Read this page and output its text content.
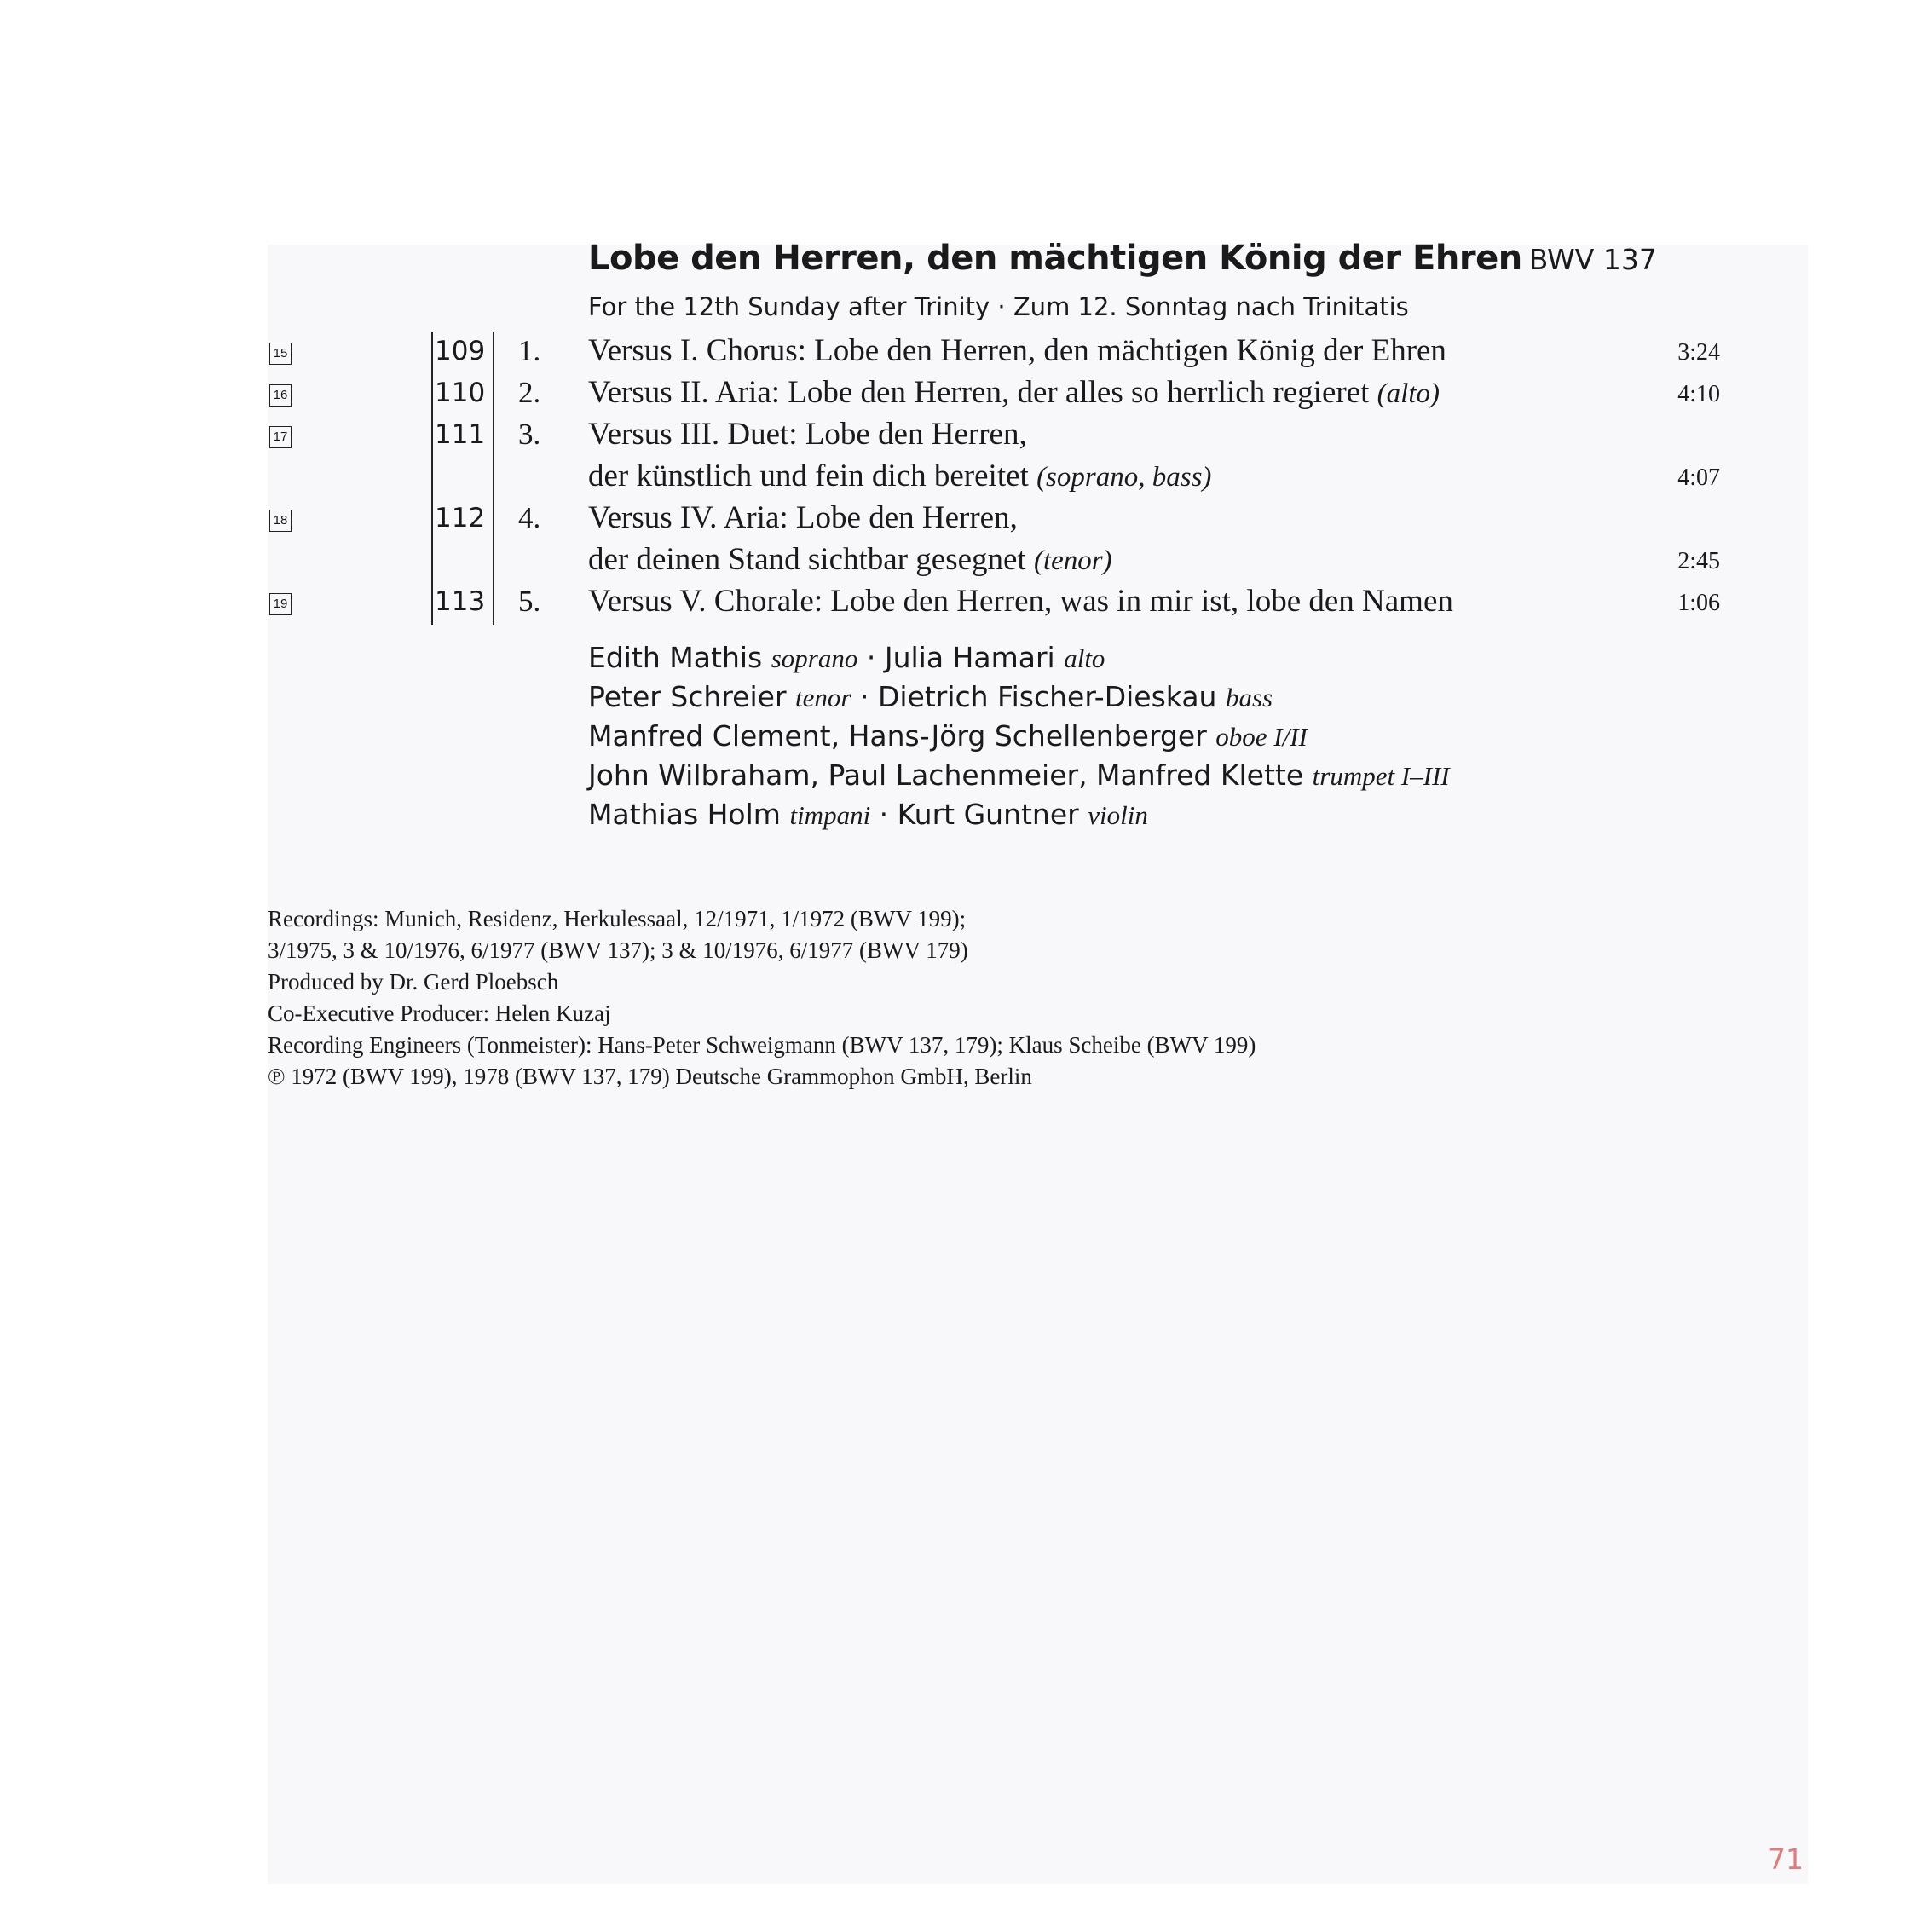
Lobe den Herren, den mächtigen König der Ehren BWV 137
For the 12th Sunday after Trinity · Zum 12. Sonntag nach Trinitatis
15	109 1. Versus I. Chorus: Lobe den Herren, den mächtigen König der Ehren	3:24
16	110 2. Versus II. Aria: Lobe den Herren, der alles so herrlich regieret (alto)	4:10
17	111 3. Versus III. Duet: Lobe den Herren,
der künstlich und fein dich bereitet (soprano, bass)	4:07
18	112 4. Versus IV. Aria: Lobe den Herren,
der deinen Stand sichtbar gesegnet (tenor)	2:45
19	113 5. Versus V. Chorale: Lobe den Herren, was in mir ist, lobe den Namen	1:06
Edith Mathis soprano · Julia Hamari alto
Peter Schreier tenor · Dietrich Fischer-Dieskau bass
Manfred Clement, Hans-Jörg Schellenberger oboe I/II
John Wilbraham, Paul Lachenmeier, Manfred Klette trumpet I–III
Mathias Holm timpani · Kurt Guntner violin
Recordings: Munich, Residenz, Herkulessaal, 12/1971, 1/1972 (BWV 199);
3/1975, 3 & 10/1976, 6/1977 (BWV 137); 3 & 10/1976, 6/1977 (BWV 179)
Produced by Dr. Gerd Ploebsch
Co-Executive Producer: Helen Kuzaj
Recording Engineers (Tonmeister): Hans-Peter Schweigmann (BWV 137, 179); Klaus Scheibe (BWV 199)
℗ 1972 (BWV 199), 1978 (BWV 137, 179) Deutsche Grammophon GmbH, Berlin
71
